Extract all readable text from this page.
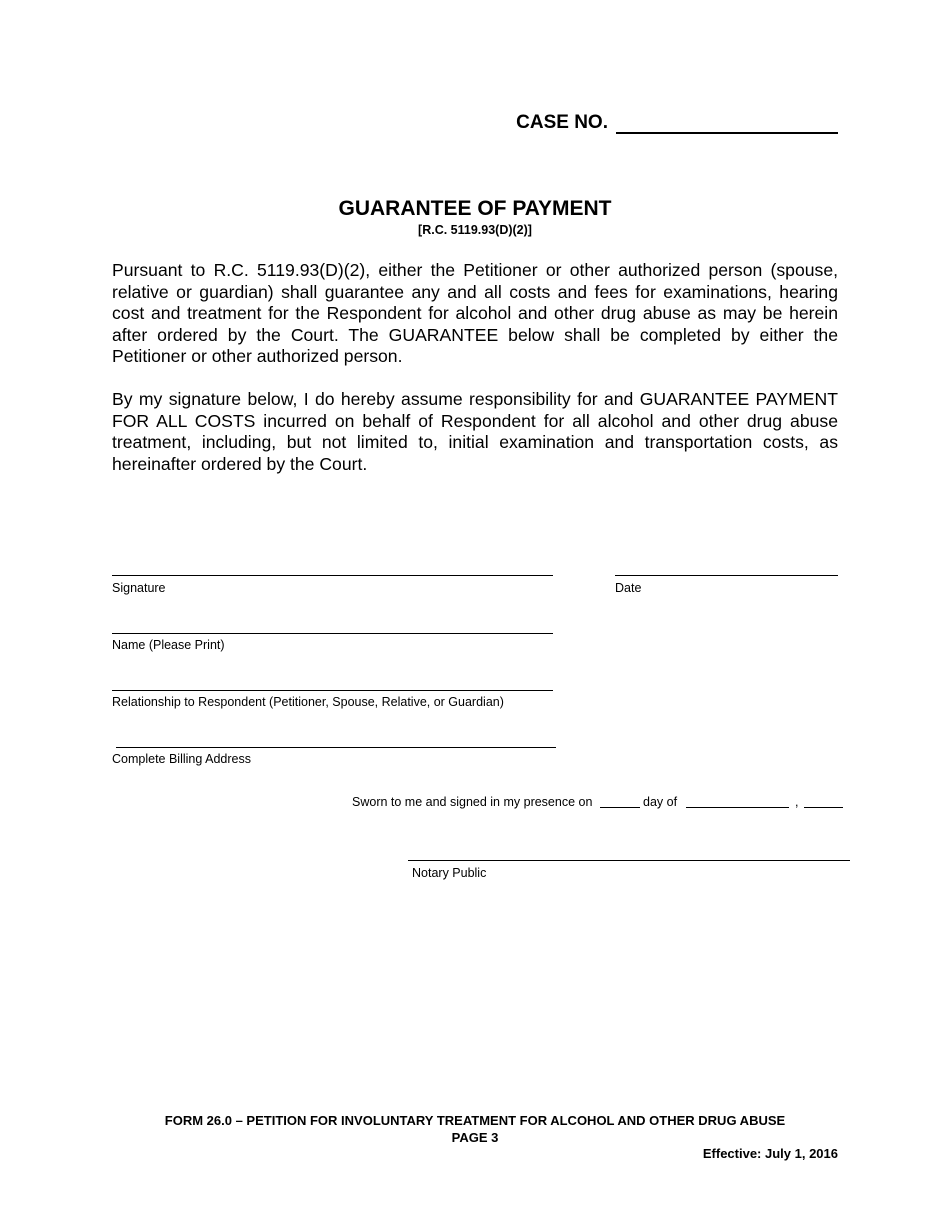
CASE NO.
GUARANTEE OF PAYMENT
[R.C. 5119.93(D)(2)]
Pursuant to R.C. 5119.93(D)(2), either the Petitioner or other authorized person (spouse, relative or guardian) shall guarantee any and all costs and fees for examinations, hearing cost and treatment for the Respondent for alcohol and other drug abuse as may be herein after ordered by the Court. The GUARANTEE below shall be completed by either the Petitioner or other authorized person.
By my signature below, I do hereby assume responsibility for and GUARANTEE PAYMENT FOR ALL COSTS incurred on behalf of Respondent for all alcohol and other drug abuse treatment, including, but not limited to, initial examination and transportation costs, as hereinafter ordered by the Court.
Signature	Date
Name (Please Print)
Relationship to Respondent (Petitioner, Spouse, Relative, or Guardian)
Complete Billing Address
Sworn to me and signed in my presence on	day of	,
Notary Public
FORM 26.0 – PETITION FOR INVOLUNTARY TREATMENT FOR ALCOHOL AND OTHER DRUG ABUSE
PAGE 3
Effective: July 1, 2016
